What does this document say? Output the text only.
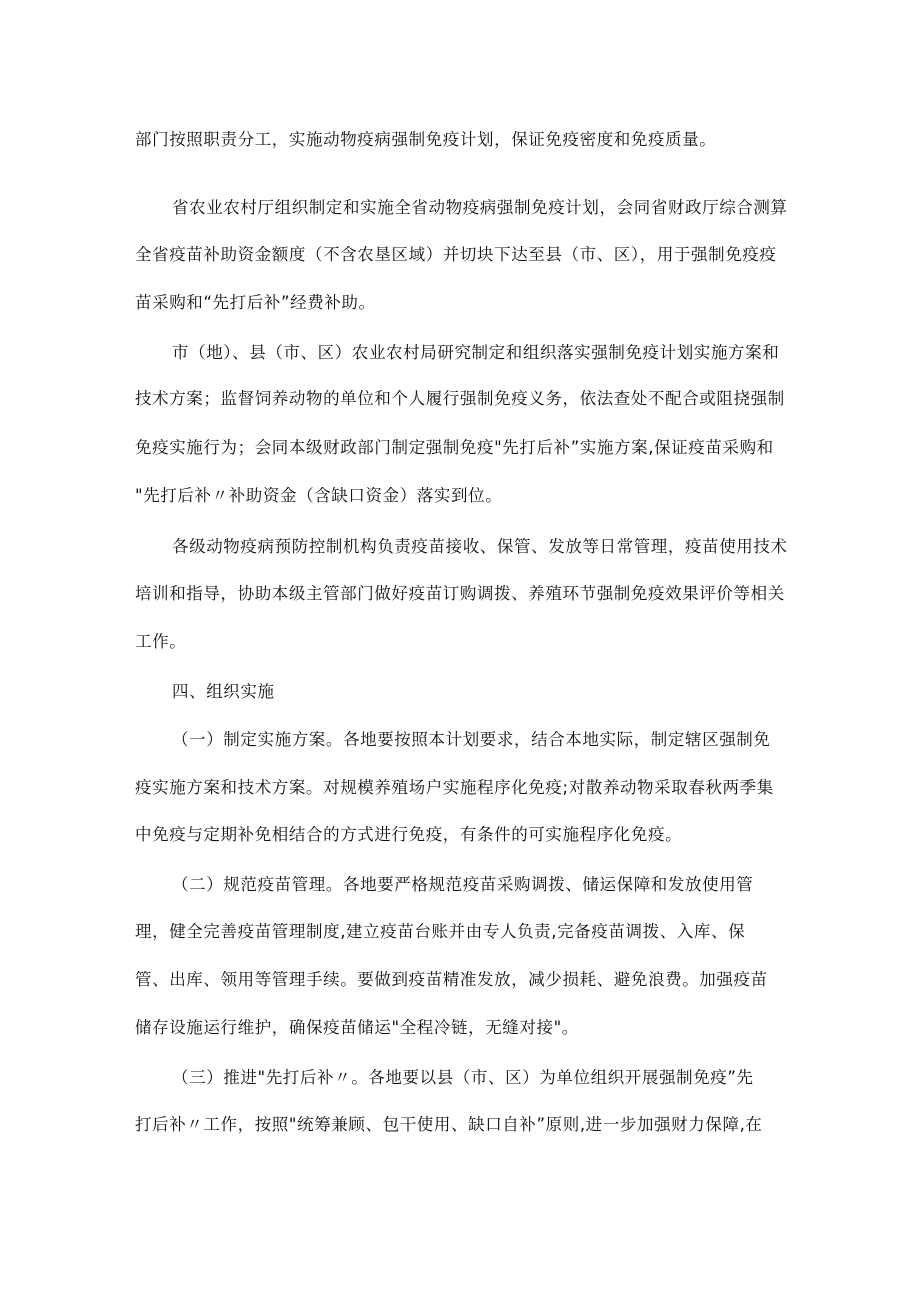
部门按照职责分工，实施动物疫病强制免疫计划，保证免疫密度和免疫质量。
省农业农村厅组织制定和实施全省动物疫病强制免疫计划，会同省财政厅综合测算
全省疫苗补助资金额度（不含农垦区域）并切块下达至县（市、区），用于强制免疫疫
苗采购和“先打后补”经费补助。
市（地）、县（市、区）农业农村局研究制定和组织落实强制免疫计划实施方案和
技术方案；监督饲养动物的单位和个人履行强制免疫义务，依法查处不配合或阻挠强制
免疫实施行为；会同本级财政部门制定强制免疫"先打后补”实施方案,保证疫苗采购和
"先打后补〃补助资金（含缺口资金）落实到位。
各级动物疫病预防控制机构负责疫苗接收、保管、发放等日常管理，疫苗使用技术
培训和指导，协助本级主管部门做好疫苗订购调拨、养殖环节强制免疫效果评价等相关
工作。
四、组织实施
（一）制定实施方案。各地要按照本计划要求，结合本地实际，制定辖区强制免
疫实施方案和技术方案。对规模养殖场户实施程序化免疫;对散养动物采取春秋两季集
中免疫与定期补免相结合的方式进行免疫，有条件的可实施程序化免疫。
（二）规范疫苗管理。各地要严格规范疫苗采购调拨、储运保障和发放使用管
理，健全完善疫苗管理制度,建立疫苗台账并由专人负责,完备疫苗调拨、入库、保
管、出库、领用等管理手续。要做到疫苗精准发放，减少损耗、避免浪费。加强疫苗
储存设施运行维护，确保疫苗储运"全程冷链，无缝对接"。
（三）推进"先打后补〃。各地要以县（市、区）为单位组织开展强制免疫”先
打后补〃工作，按照"统筹兼顾、包干使用、缺口自补”原则,进一步加强财力保障,在
